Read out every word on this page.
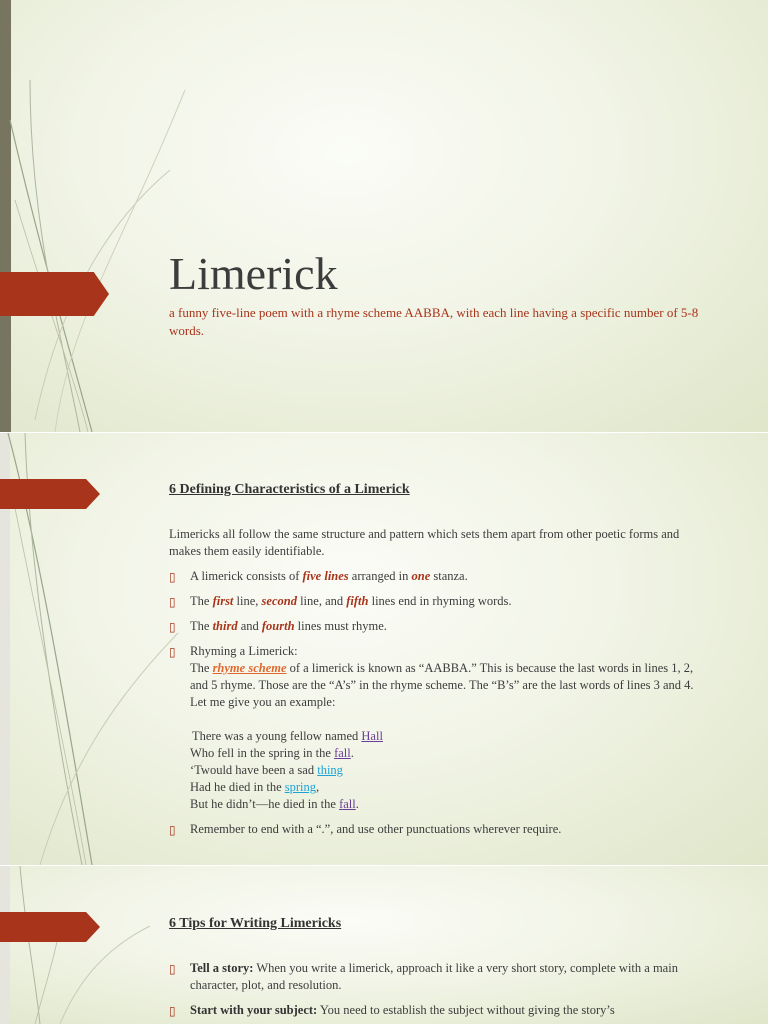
Limerick

a funny five-line poem with a rhyme scheme AABBA, with each line having a specific number of 5-8 words.

6 Defining Characteristics of a Limerick

Limericks all follow the same structure and pattern which sets them apart from other poetic forms and makes them easily identifiable.

▯ A limerick consists of five lines arranged in one stanza.
▯ The first line, second line, and fifth lines end in rhyming words.
▯ The third and fourth lines must rhyme.
▯ Rhyming a Limerick:
The rhyme scheme of a limerick is known as “AABBA.” This is because the last words in lines 1, 2, and 5 rhyme. Those are the “A’s” in the rhyme scheme. The “B’s” are the last words of lines 3 and 4. Let me give you an example:
There was a young fellow named Hall
Who fell in the spring in the fall.
‘Twould have been a sad thing
Had he died in the spring,
But he didn’t—he died in the fall.
▯ Remember to end with a “.”, and use other punctuations wherever require.
6 Tips for Writing Limericks
▯ Tell a story: When you write a limerick, approach it like a very short story, complete with a main character, plot, and resolution.
▯ Start with your subject: You need to establish the subject without giving the story’s
